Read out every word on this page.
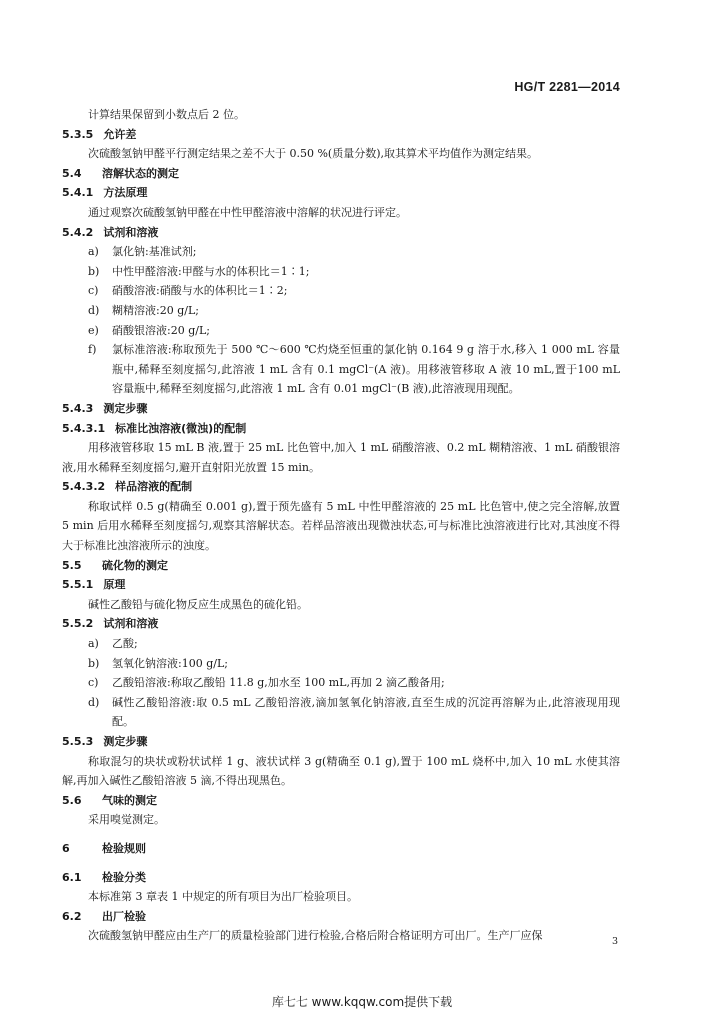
HG/T 2281—2014

计算结果保留到小数点后 2 位。

5.3.5 允许差

次硫酸氢钠甲醛平行测定结果之差不大于 0.50 %(质量分数),取其算术平均值作为测定结果。

5.4 溶解状态的测定

5.4.1 方法原理

通过观察次硫酸氢钠甲醛在中性甲醛溶液中溶解的状况进行评定。

5.4.2 试剂和溶液

a) 氯化钠:基准试剂;

b) 中性甲醛溶液:甲醛与水的体积比＝1∶1;

c) 硝酸溶液:硝酸与水的体积比＝1∶2;

d) 糊精溶液:20 g/L;

e) 硝酸银溶液:20 g/L;

f) 氯标准溶液:称取预先于 500 ℃～600 ℃灼烧至恒重的氯化钠 0.164 9 g 溶于水,移入 1 000 mL 容量瓶中,稀释至刻度摇匀,此溶液 1 mL 含有 0.1 mgCl⁻(A 液)。用移液管移取 A 液 10 mL,置于100 mL 容量瓶中,稀释至刻度摇匀,此溶液 1 mL 含有 0.01 mgCl⁻(B 液),此溶液现用现配。

5.4.3 测定步骤

5.4.3.1 标准比浊溶液(微浊)的配制

用移液管移取 15 mL B 液,置于 25 mL 比色管中,加入 1 mL 硝酸溶液、0.2 mL 糊精溶液、1 mL 硝酸银溶液,用水稀释至刻度摇匀,避开直射阳光放置 15 min。

5.4.3.2 样品溶液的配制

称取试样 0.5 g(精确至 0.001 g),置于预先盛有 5 mL 中性甲醛溶液的 25 mL 比色管中,使之完全溶解,放置 5 min 后用水稀释至刻度摇匀,观察其溶解状态。若样品溶液出现微浊状态,可与标准比浊溶液进行比对,其浊度不得大于标准比浊溶液所示的浊度。

5.5 硫化物的测定

5.5.1 原理

碱性乙酸铅与硫化物反应生成黑色的硫化铅。

5.5.2 试剂和溶液

a) 乙酸;

b) 氢氧化钠溶液:100 g/L;

c) 乙酸铅溶液:称取乙酸铅 11.8 g,加水至 100 mL,再加 2 滴乙酸备用;

d) 碱性乙酸铅溶液:取 0.5 mL 乙酸铅溶液,滴加氢氧化钠溶液,直至生成的沉淀再溶解为止,此溶液现用现配。

5.5.3 测定步骤

称取混匀的块状或粉状试样 1 g、液状试样 3 g(精确至 0.1 g),置于 100 mL 烧杯中,加入 10 mL 水使其溶解,再加入碱性乙酸铅溶液 5 滴,不得出现黑色。

5.6 气味的测定

采用嗅觉测定。

6	检验规则

6.1 检验分类

本标准第 3 章表 1 中规定的所有项目为出厂检验项目。

6.2 出厂检验

次硫酸氢钠甲醛应由生产厂的质量检验部门进行检验,合格后附合格证明方可出厂。生产厂应保	3
库七七 www.kqqw.com提供下载
